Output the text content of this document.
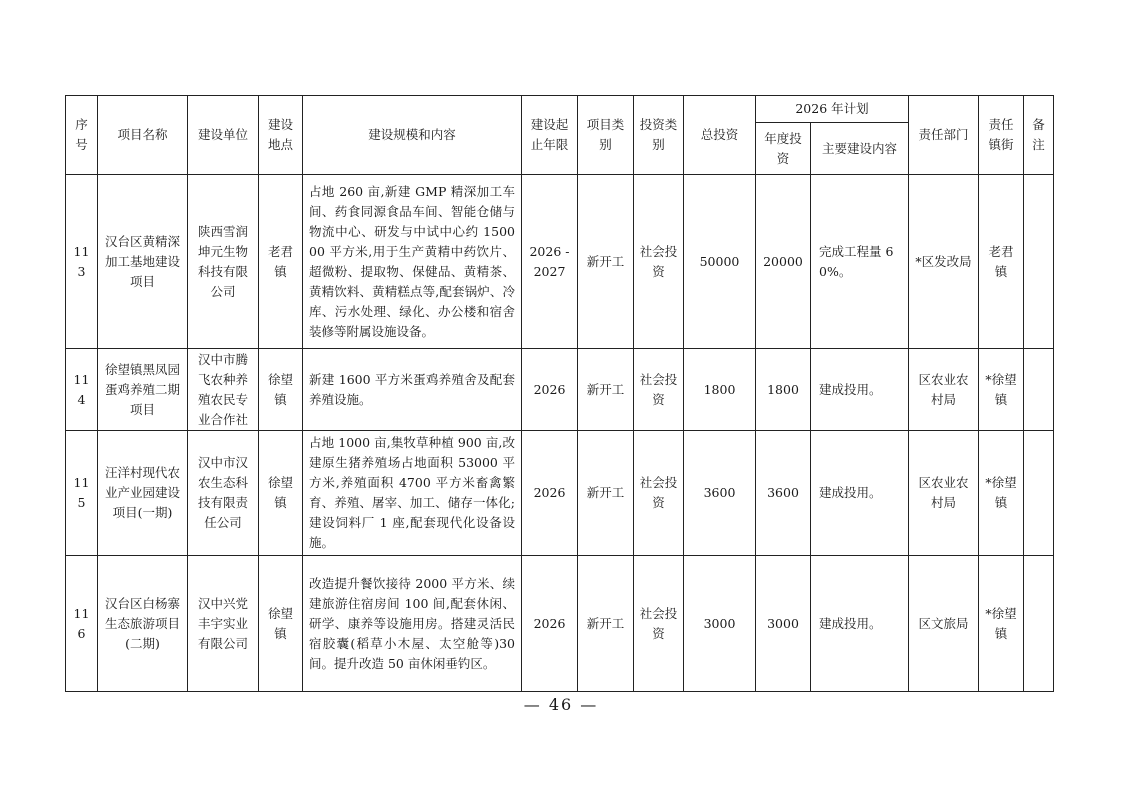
序号	项目名称	建设单位	建设地点	建设规模和内容	建设起止年限	项目类别	投资类别	总投资	2026 年计划		责任部门	责任镇街	备注
									年度投资	主要建设内容			
113	汉台区黄精深加工基地建设项目	陕西雪润坤元生物科技有限公司	老君镇	占地 260 亩,新建 GMP 精深加工车间、药食同源食品车间、智能仓储与物流中心、研发与中试中心约 150000 平方米,用于生产黄精中药饮片、超微粉、提取物、保健品、黄精茶、黄精饮料、黄精糕点等,配套锅炉、冷库、污水处理、绿化、办公楼和宿舍装修等附属设施设备。	2026 - 2027	新开工	社会投资	50000	20000	完成工程量 60%。	*区发改局	老君镇	
114	徐望镇黑凤园蛋鸡养殖二期项目	汉中市腾飞农种养殖农民专业合作社	徐望镇	新建 1600 平方米蛋鸡养殖舍及配套养殖设施。	2026	新开工	社会投资	1800	1800	建成投用。	区农业农村局	*徐望镇	
115	汪洋村现代农业产业园建设项目(一期)	汉中市汉农生态科技有限责任公司	徐望镇	占地 1000 亩,集牧草种植 900 亩,改建原生猪养殖场占地面积 53000 平方米,养殖面积 4700 平方米畜禽繁育、养殖、屠宰、加工、储存一体化;建设饲料厂 1 座,配套现代化设备设施。	2026	新开工	社会投资	3600	3600	建成投用。	区农业农村局	*徐望镇	
116	汉台区白杨寨生态旅游项目(二期)	汉中兴党丰宇实业有限公司	徐望镇	改造提升餐饮接待 2000 平方米、续建旅游住宿房间 100 间,配套休闲、研学、康养等设施用房。搭建灵活民宿胶囊(稻草小木屋、太空舱等)30 间。提升改造 50 亩休闲垂钓区。	2026	新开工	社会投资	3000	3000	建成投用。	区文旅局	*徐望镇	
— 46 —
